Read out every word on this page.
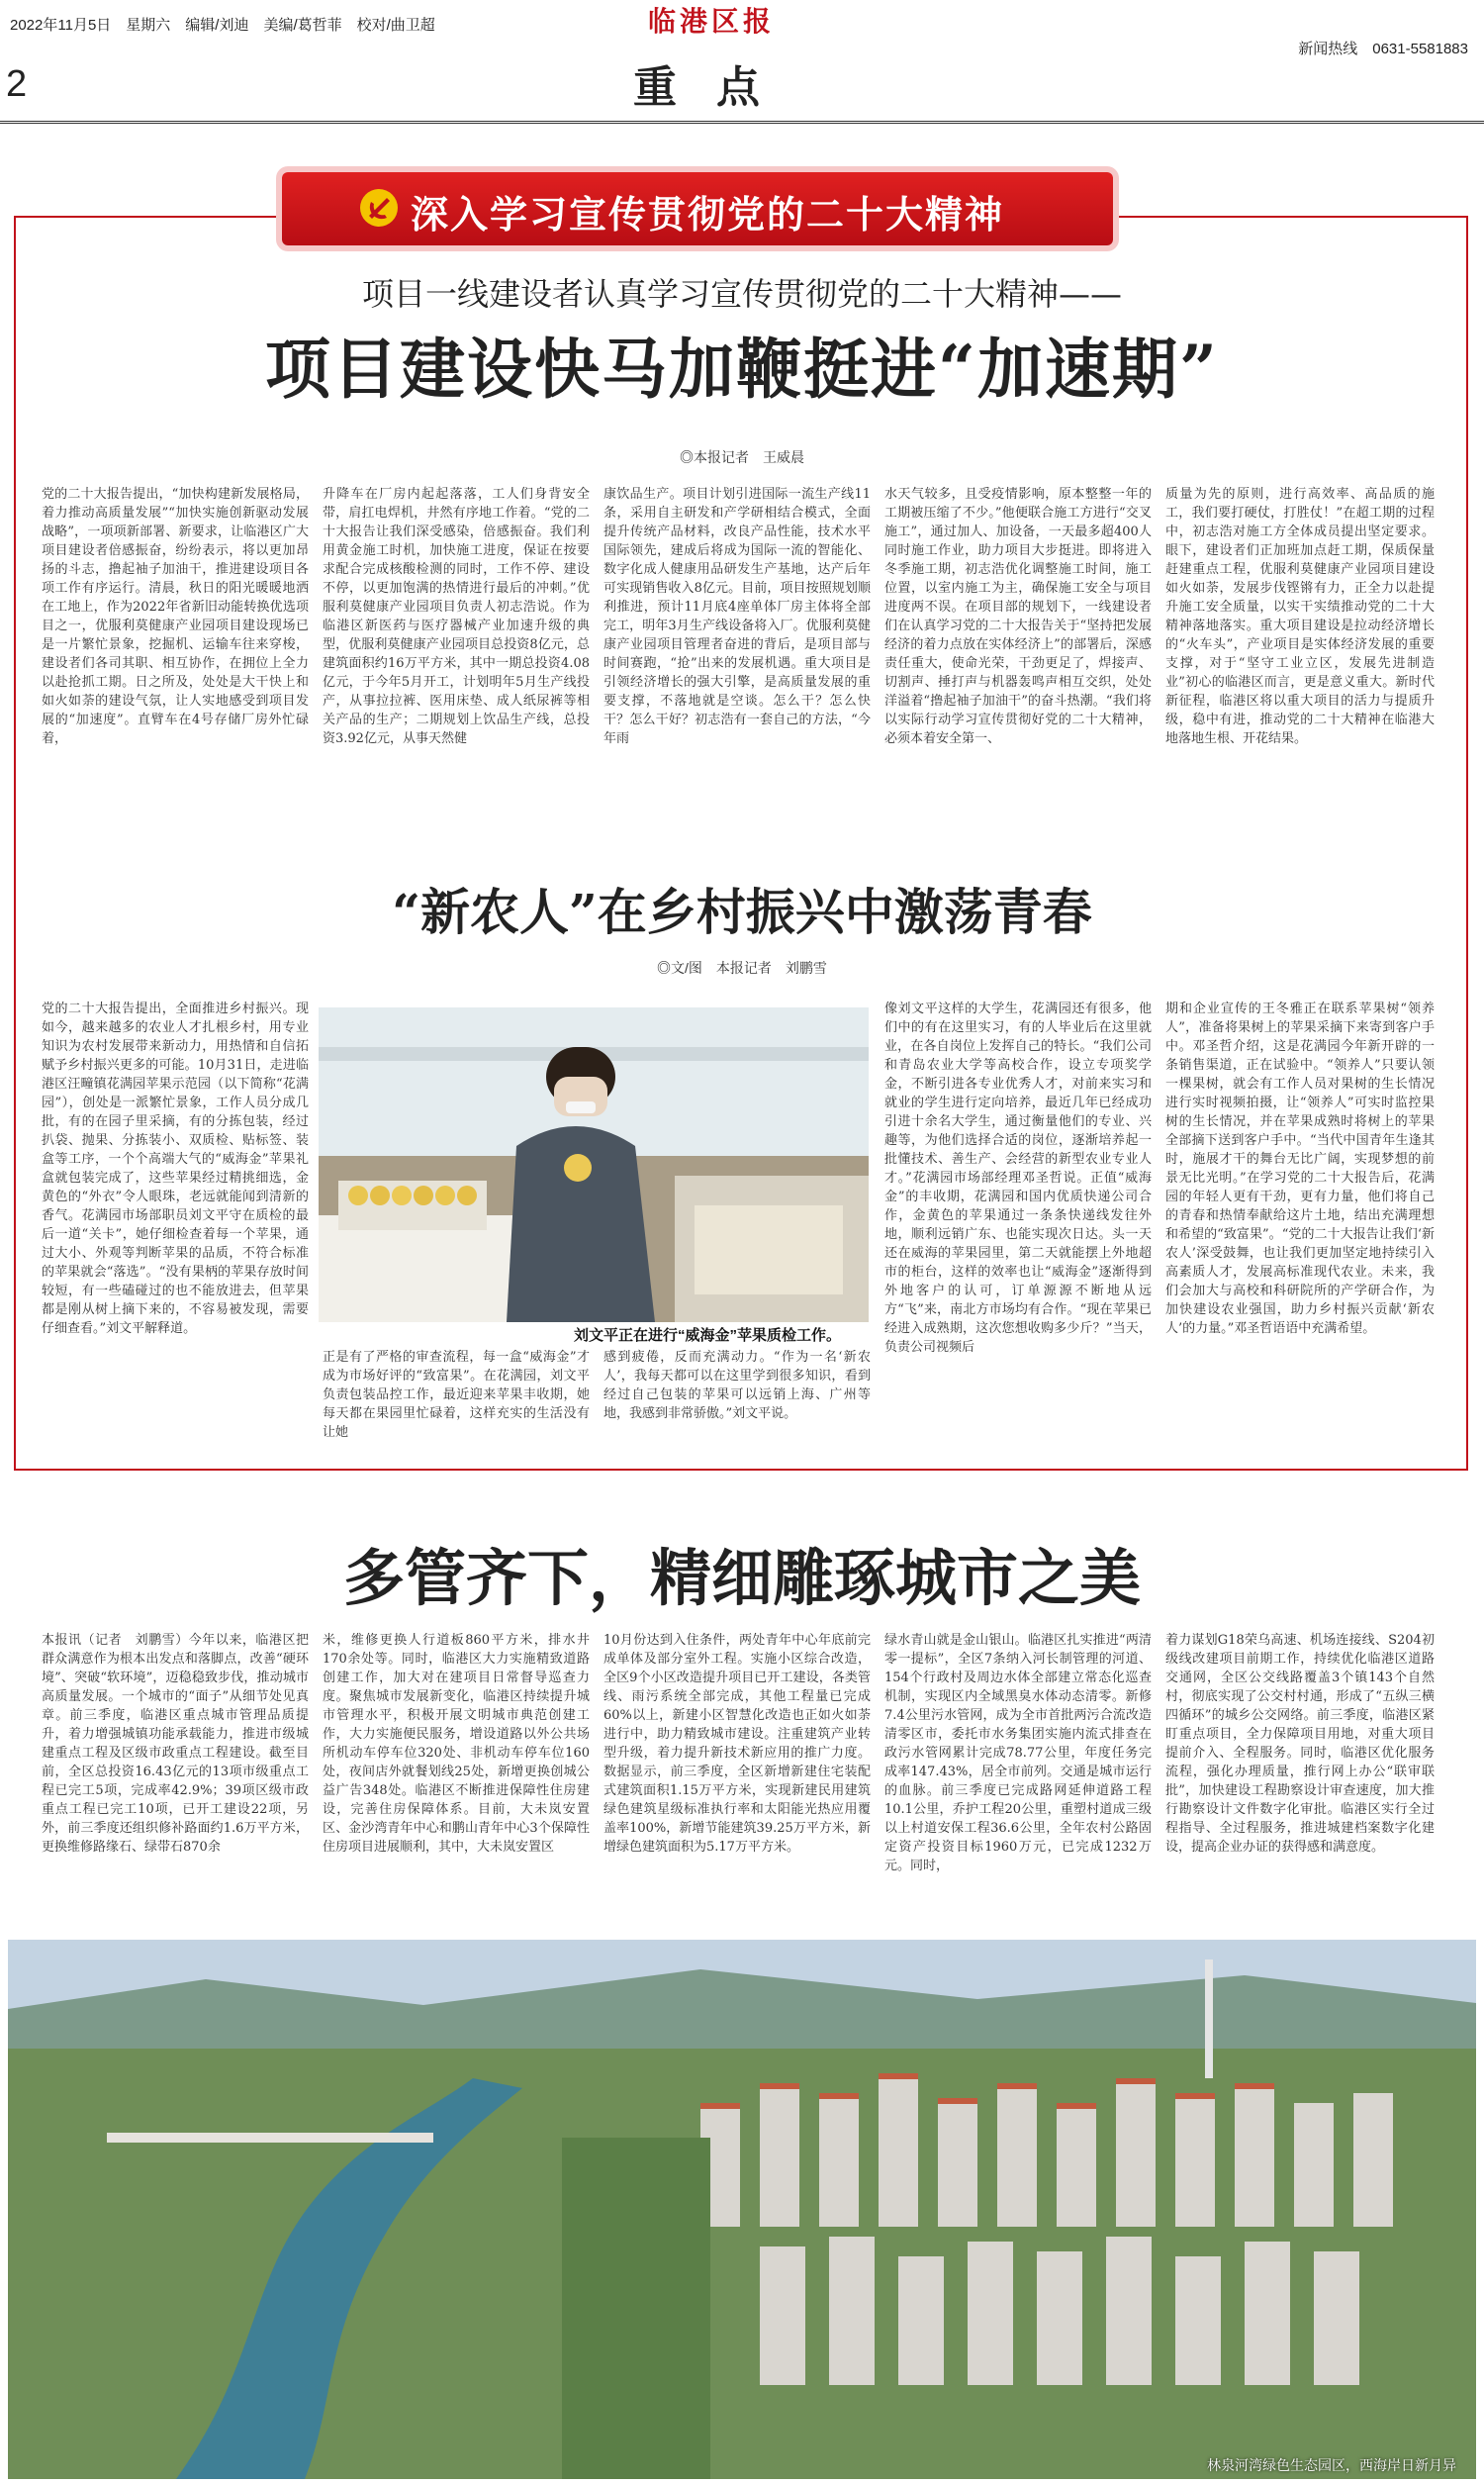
2022年11月5日　星期六　编辑/刘迪　美编/葛哲菲　校对/曲卫超	临港区报
新闻热线　0631-5581883
2	重点
深入学习宣传贯彻党的二十大精神
项目一线建设者认真学习宣传贯彻党的二十大精神——
项目建设快马加鞭挺进“加速期”
◎本报记者　王威晨
党的二十大报告提出，“加快构建新发展格局，着力推动高质量发展”“加快实施创新驱动发展战略”，一项项新部署、新要求，让临港区广大项目建设者倍感振奋，纷纷表示，将以更加昂扬的斗志，撸起袖子加油干，推进建设项目各项工作有序运行。清晨，秋日的阳光暖暖地洒在工地上，作为2022年省新旧动能转换优选项目之一，优服利莫健康产业园项目建设现场已是一片繁忙景象，挖掘机、运输车往来穿梭，建设者们各司其职、相互协作，在拥位上全力以赴抢抓工期。日之所及，处处是大干快上和如火如荼的建设气氛，让人实地感受到项目发展的“加速度”。直臂车在4号存储厂房外忙碌着，
升降车在厂房内起起落落，工人们身背安全带，肩扛电焊机，井然有序地工作着。“党的二十大报告让我们深受感染，倍感振奋。我们利用黄金施工时机，加快施工进度，保证在按要求配合完成核酸检测的同时，工作不停、建设不停，以更加饱满的热情进行最后的冲刺。”优服利莫健康产业园项目负责人初志浩说。作为临港区新医药与医疗器械产业加速升级的典型，优服利莫健康产业园项目总投资8亿元，总建筑面积约16万平方米，其中一期总投资4.08亿元，于今年5月开工，计划明年5月生产线投产，从事拉拉裤、医用床垫、成人纸尿裤等相关产品的生产；二期规划上饮品生产线，总投资3.92亿元，从事天然健
康饮品生产。项目计划引进国际一流生产线11条，采用自主研发和产学研相结合模式，全面提升传统产品材料，改良产品性能，技术水平国际领先，建成后将成为国际一流的智能化、数字化成人健康用品研发生产基地，达产后年可实现销售收入8亿元。目前，项目按照规划顺利推进，预计11月底4座单体厂房主体将全部完工，明年3月生产线设备将入厂。优服利莫健康产业园项目管理者奋进的背后，是项目部与时间赛跑，“抢”出来的发展机遇。重大项目是引领经济增长的强大引擎，是高质量发展的重要支撑，不落地就是空谈。怎么干？怎么快干？怎么干好？初志浩有一套自己的方法，“今年雨
水天气较多，且受疫情影响，原本整整一年的工期被压缩了不少。”他便联合施工方进行“交叉施工”，通过加人、加设备，一天最多超400人同时施工作业，助力项目大步挺进。即将进入冬季施工期，初志浩优化调整施工时间，施工位置，以室内施工为主，确保施工安全与项目进度两不误。在项目部的规划下，一线建设者们在认真学习党的二十大报告关于“坚持把发展经济的着力点放在实体经济上”的部署后，深感责任重大，使命光荣，干劲更足了，焊接声、切割声、捶打声与机器轰鸣声相互交织，处处洋溢着“撸起袖子加油干”的奋斗热潮。“我们将以实际行动学习宣传贯彻好党的二十大精神，必须本着安全第一、
质量为先的原则，进行高效率、高品质的施工，我们要打硬仗，打胜仗！”在超工期的过程中，初志浩对施工方全体成员提出坚定要求。眼下，建设者们正加班加点赶工期，保质保量赶建重点工程，优服利莫健康产业园项目建设如火如荼，发展步伐铿锵有力，正全力以赴提升施工安全质量，以实干实绩推动党的二十大精神落地落实。重大项目建设是拉动经济增长的“火车头”，产业项目是实体经济发展的重要支撑，对于“坚守工业立区，发展先进制造业”初心的临港区而言，更是意义重大。新时代新征程，临港区将以重大项目的活力与提质升级，稳中有进，推动党的二十大精神在临港大地落地生根、开花结果。
“新农人”在乡村振兴中激荡青春
◎文/图　本报记者　刘鹏雪
党的二十大报告提出，全面推进乡村振兴。现如今，越来越多的农业人才扎根乡村，用专业知识为农村发展带来新动力，用热情和自信拓赋予乡村振兴更多的可能。10月31日，走进临港区汪疃镇花满园苹果示范园（以下简称“花满园”），创处是一派繁忙景象，工作人员分成几批，有的在园子里采摘，有的分拣包装，经过扒袋、抛果、分拣装小、双质检、贴标签、装盒等工序，一个个高端大气的“威海金”苹果礼盒就包装完成了，这些苹果经过精挑细选，金黄色的“外衣”令人眼珠，老远就能闻到清新的香气。花满园市场部职员刘文平守在质检的最后一道“关卡”，她仔细检查着每一个苹果，通过大小、外观等判断苹果的品质，不符合标准的苹果就会“落选”。“没有果柄的苹果存放时间较短，有一些磕碰过的也不能放进去，但苹果都是刚从树上摘下来的，不容易被发现，需要仔细查看。”刘文平解释道。	刘文平正在进行“威海金”苹果质检工作。
正是有了严格的审查流程，每一盒“威海金”才成为市场好评的“致富果”。在花满园，刘文平负责包装品控工作，最近迎来苹果丰收期，她每天都在果园里忙碌着，这样充实的生活没有让她
感到疲倦，反而充满动力。“作为一名‘新农人’，我每天都可以在这里学到很多知识，看到经过自己包装的苹果可以远销上海、广州等地，我感到非常骄傲。”刘文平说。
像刘文平这样的大学生，花满园还有很多，他们中的有在这里实习，有的人毕业后在这里就业，在各自岗位上发挥自己的特长。“我们公司和青岛农业大学等高校合作，设立专项奖学金，不断引进各专业优秀人才，对前来实习和就业的学生进行定向培养，最近几年已经成功引进十余名大学生，通过衡量他们的专业、兴趣等，为他们选择合适的岗位，逐渐培养起一批懂技术、善生产、会经营的新型农业专业人才。”花满园市场部经理邓圣哲说。正值“威海金”的丰收期，花满园和国内优质快递公司合作，金黄色的苹果通过一条条快递线发往外地，顺利远销广东、也能实现次日达。头一天还在威海的苹果园里，第二天就能摆上外地超市的柜台，这样的效率也让“威海金”逐渐得到外地客户的认可，订单源源不断地从远方“飞”来，南北方市场均有合作。“现在苹果已经进入成熟期，这次您想收购多少斤？”当天，负责公司视频后
期和企业宣传的王冬雅正在联系苹果树“领养人”，准备将果树上的苹果采摘下来寄到客户手中。邓圣哲介绍，这是花满园今年新开辟的一条销售渠道，正在试验中。“领养人”只要认领一棵果树，就会有工作人员对果树的生长情况进行实时视频拍摄，让“领养人”可实时监控果树的生长情况，并在苹果成熟时将树上的苹果全部摘下送到客户手中。“当代中国青年生逢其时，施展才干的舞台无比广阔，实现梦想的前景无比光明。”在学习党的二十大报告后，花满园的年轻人更有干劲，更有力量，他们将自己的青春和热情奉献给这片土地，结出充满理想和希望的“致富果”。“党的二十大报告让我们‘新农人’深受鼓舞，也让我们更加坚定地持续引入高素质人才，发展高标准现代农业。未来，我们会加大与高校和科研院所的产学研合作，为加快建设农业强国，助力乡村振兴贡献‘新农人’的力量。”邓圣哲语语中充满希望。
多管齐下，精细雕琢城市之美
本报讯（记者　刘鹏雪）今年以来，临港区把群众满意作为根本出发点和落脚点，改善“硬环境”、突破“软环境”，迈稳稳致步伐，推动城市高质量发展。一个城市的“面子”从细节处见真章。前三季度，临港区重点城市管理品质提升，着力增强城镇功能承载能力，推进市级城建重点工程及区级市政重点工程建设。截至目前，全区总投资16.43亿元的13项市级重点工程已完工5项，完成率42.9%；39项区级市政重点工程已完工10项，已开工建设22项，另外，前三季度还组织修补路面约1.6万平方米，更换维修路缘石、绿带石870余
米，维修更换人行道板860平方米，排水井170余处等。同时，临港区大力实施精致道路创建工作，加大对在建项目日常督导巡查力度。聚焦城市发展新变化，临港区持续提升城市管理水平，积极开展文明城市典范创建工作，大力实施便民服务，增设道路以外公共场所机动车停车位320处、非机动车停车位160处，夜间店外就餐划线25处，新增更换创城公益广告348处。临港区不断推进保障性住房建设，完善住房保障体系。目前，大未岚安置区、金沙湾青年中心和鹏山青年中心3个保障性住房项目进展顺利，其中，大未岚安置区
10月份达到入住条件，两处青年中心年底前完成单体及部分室外工程。实施小区综合改造，全区9个小区改造提升项目已开工建设，各类管线、雨污系统全部完成，其他工程量已完成60%以上，新建小区智慧化改造也正如火如荼进行中，助力精致城市建设。注重建筑产业转型升级，着力提升新技术新应用的推广力度。数据显示，前三季度，全区新增新建住宅装配式建筑面积1.15万平方米，实现新建民用建筑绿色建筑星级标准执行率和太阳能光热应用覆盖率100%，新增节能建筑39.25万平方米，新增绿色建筑面积为5.17万平方米。
绿水青山就是金山银山。临港区扎实推进“两清零一提标”，全区7条纳入河长制管理的河道、154个行政村及周边水体全部建立常态化巡查机制，实现区内全域黑臭水体动态清零。新修7.4公里污水管网，成为全市首批两污合流改造清零区市，委托市水务集团实施内流式排查在政污水管网累计完成78.77公里，年度任务完成率147.43%，居全市前列。交通是城市运行的血脉。前三季度已完成路网延伸道路工程10.1公里，乔护工程20公里，重塑村道成三级以上村道安保工程36.6公里，全年农村公路固定资产投资目标1960万元，已完成1232万元。同时，
着力谋划G18荣乌高速、机场连接线、S204初级线改建项目前期工作，持续优化临港区道路交通网，全区公交线路覆盖3个镇143个自然村，彻底实现了公交村村通，形成了“五纵三横四循环”的城乡公交网络。前三季度，临港区紧盯重点项目，全力保障项目用地，对重大项目提前介入、全程服务。同时，临港区优化服务流程，强化办理质量，推行网上办公“联审联批”，加快建设工程勘察设计审查速度，加大推行勘察设计文件数字化审批。临港区实行全过程指导、全过程服务，推进城建档案数字化建设，提高企业办证的获得感和满意度。
林泉河湾绿色生态园区，西海岸日新月异
